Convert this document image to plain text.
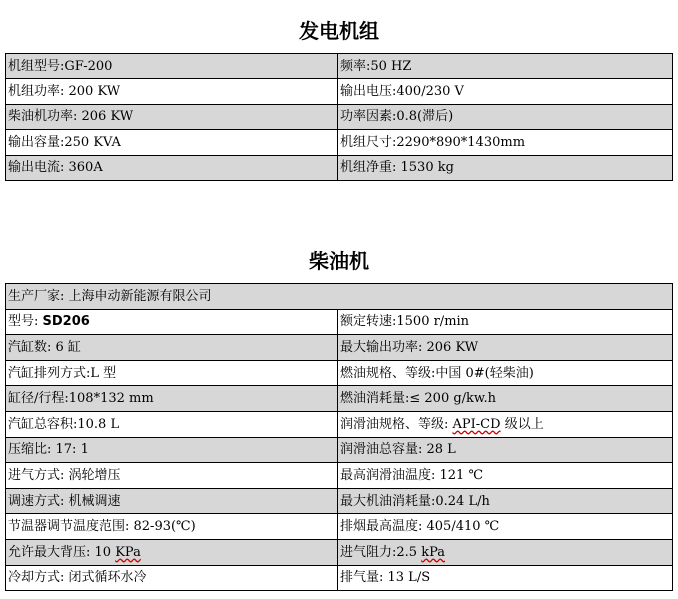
发电机组
机组型号:GF-200	频率:50 HZ
机组功率: 200 KW	输出电压:400/230 V
柴油机功率: 206 KW	功率因素:0.8(滞后)
输出容量:250 KVA	机组尺寸:2290*890*1430mm
输出电流: 360A	机组净重: 1530 kg
柴油机
生产厂家: 上海申动新能源有限公司	
型号: SD206	额定转速:1500 r/min
汽缸数: 6 缸	最大输出功率: 206 KW
汽缸排列方式:L 型	燃油规格、等级:中国 0#(轻柴油)
缸径/行程:108*132 mm	燃油消耗量:≤ 200 g/kw.h
汽缸总容积:10.8 L	润滑油规格、等级: API-CD 级以上
压缩比: 17: 1	润滑油总容量: 28 L
进气方式: 涡轮增压	最高润滑油温度: 121 ℃
调速方式: 机械调速	最大机油消耗量:0.24 L/h
节温器调节温度范围: 82-93(℃)	排烟最高温度: 405/410 ℃
允许最大背压: 10 KPa	进气阻力:2.5 kPa
冷却方式: 闭式循环水冷	排气量: 13 L/S
